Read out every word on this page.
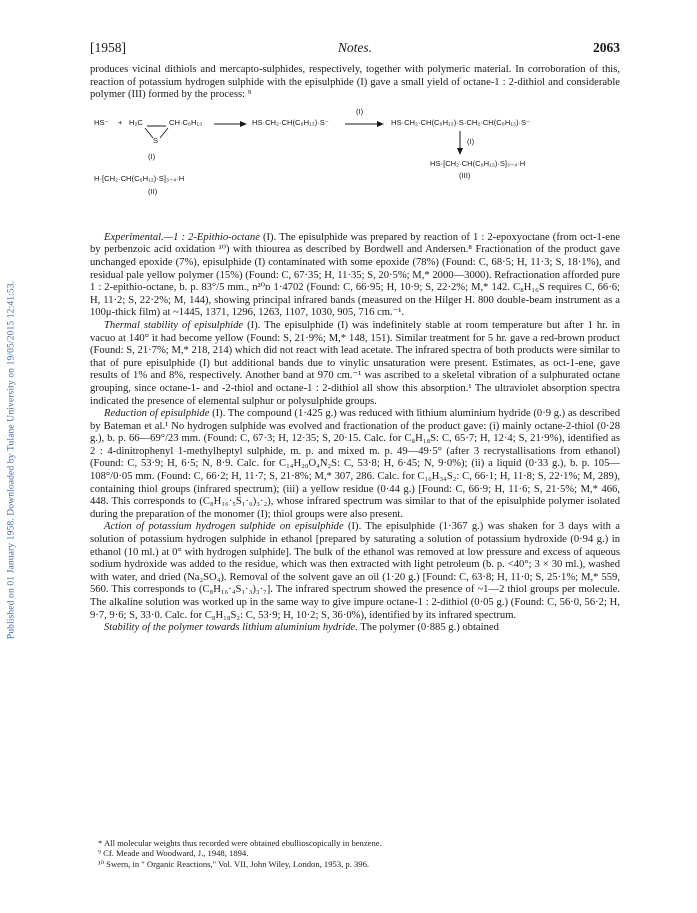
Published on 01 January 1958. Downloaded by Tulane University on 19/05/2015 12:41:53.
[1958]	Notes.	2063

produces vicinal dithiols and mercapto-sulphides, respectively, together with polymeric material. In corroboration of this, reaction of potassium hydrogen sulphide with the episulphide (I) gave a small yield of octane-1 : 2-dithiol and considerable polymer (III) formed by the process: ⁹

HS⁻ + H₂C	CH·C₆H₁₃
S
(I)
HS·CH₂·CH(C₆H₁₃)·S⁻
(I)
HS·CH₂·CH(C₆H₁₃)·S·CH₂·CH(C₆H₁₃)·S⁻
(I)
HS·[CH₂·CH(C₆H₁₃)·S]₃₋₄·H
(III)
H·[CH₂·CH(C₆H₁₃)·S]₃₋₄·H
(II)

Experimental.—1 : 2-Epithio-octane (I). The episulphide was prepared by reaction of 1 : 2-epoxyoctane (from oct-1-ene by perbenzoic acid oxidation ¹⁰) with thiourea as described by Bordwell and Andersen.⁸ Fractionation of the product gave unchanged epoxide (7%), episulphide (I) contaminated with some epoxide (78%) (Found: C, 68·5; H, 11·3; S, 18·1%), and residual pale yellow polymer (15%) (Found: C, 67·35; H, 11·35; S, 20·5%; M,* 2000—3000). Refractionation afforded pure 1 : 2-epithio-octane, b. p. 83°/5 mm., n²⁰ᴅ 1·4702 (Found: C, 66·95; H, 10·9; S, 22·2%; M,* 142. C₈H₁₆S requires C, 66·6; H, 11·2; S, 22·2%; M, 144), showing principal infrared bands (measured on the Hilger H. 800 double-beam instrument as a 100μ-thick film) at ~1445, 1371, 1296, 1263, 1107, 1030, 905, 716 cm.⁻¹.

Thermal stability of episulphide (I). The episulphide (I) was indefinitely stable at room temperature but after 1 hr. in vacuo at 140° it had become yellow (Found: S, 21·9%; M,* 148, 151). Similar treatment for 5 hr. gave a red-brown product (Found: S, 21·7%; M,* 218, 214) which did not react with lead acetate. The infrared spectra of both products were similar to that of pure episulphide (I) but additional bands due to vinylic unsaturation were present. Estimates, as oct-1-ene, gave results of 1% and 8%, respectively. Another band at 970 cm.⁻¹ was ascribed to a skeletal vibration of a sulphurated octane grouping, since octane-1- and -2-thiol and octane-1 : 2-dithiol all show this absorption.¹ The ultraviolet absorption spectra indicated the presence of elemental sulphur or polysulphide groups.

Reduction of episulphide (I). The compound (1·425 g.) was reduced with lithium aluminium hydride (0·9 g.) as described by Bateman et al.¹ No hydrogen sulphide was evolved and fractionation of the product gave: (i) mainly octane-2-thiol (0·28 g.), b. p. 66—69°/23 mm. (Found: C, 67·3; H, 12·35; S, 20·15. Calc. for C₈H₁₈S: C, 65·7; H, 12·4; S, 21·9%), identified as 2 : 4-dinitrophenyl 1-methylheptyl sulphide, m. p. and mixed m. p. 49—49·5° (after 3 recrystallisations from ethanol) (Found: C, 53·9; H, 6·5; N, 8·9. Calc. for C₁₄H₂₀O₄N₂S: C, 53·8; H, 6·45; N, 9·0%); (ii) a liquid (0·33 g.), b. p. 105—108°/0·05 mm. (Found: C, 66·2; H, 11·7; S, 21·8%; M,* 307, 286. Calc. for C₁₆H₃₄S₂: C, 66·1; H, 11·8; S, 22·1%; M, 289), containing thiol groups (infrared spectrum); (iii) a yellow residue (0·44 g.) [Found: C, 66·9; H, 11·6; S, 21·5%; M,* 466, 448. This corresponds to (C₈H₁₆·₅S₁·₀)₃·₂), whose infrared spectrum was similar to that of the episulphide polymer isolated during the preparation of the monomer (I); thiol groups were also present.

Action of potassium hydrogen sulphide on episulphide (I). The episulphide (1·367 g.) was shaken for 3 days with a solution of potassium hydrogen sulphide in ethanol [prepared by saturating a solution of potassium hydroxide (0·94 g.) in ethanol (10 ml.) at 0° with hydrogen sulphide]. The bulk of the ethanol was removed at low pressure and excess of aqueous sodium hydroxide was added to the residue, which was then extracted with light petroleum (b. p. <40°; 3 × 30 ml.), washed with water, and dried (Na₂SO₄). Removal of the solvent gave an oil (1·20 g.) [Found: C, 63·8; H, 11·0; S, 25·1%; M,* 559, 560. This corresponds to (C₈H₁₆·₄S₁·₃)₃·₇]. The infrared spectrum showed the presence of ~1—2 thiol groups per molecule. The alkaline solution was worked up in the same way to give impure octane-1 : 2-dithiol (0·05 g.) (Found: C, 56·0, 56·2; H, 9·7, 9·6; S, 33·0. Calc. for C₈H₁₈S₂: C, 53·9; H, 10·2; S, 36·0%), identified by its infrared spectrum.

Stability of the polymer towards lithium aluminium hydride. The polymer (0·885 g.) obtained

* All molecular weights thus recorded were obtained ebullioscopically in benzene.
⁹ Cf. Meade and Woodward, J., 1948, 1894.
¹⁰ Swern, in " Organic Reactions," Vol. VII, John Wiley, London, 1953, p. 396.
